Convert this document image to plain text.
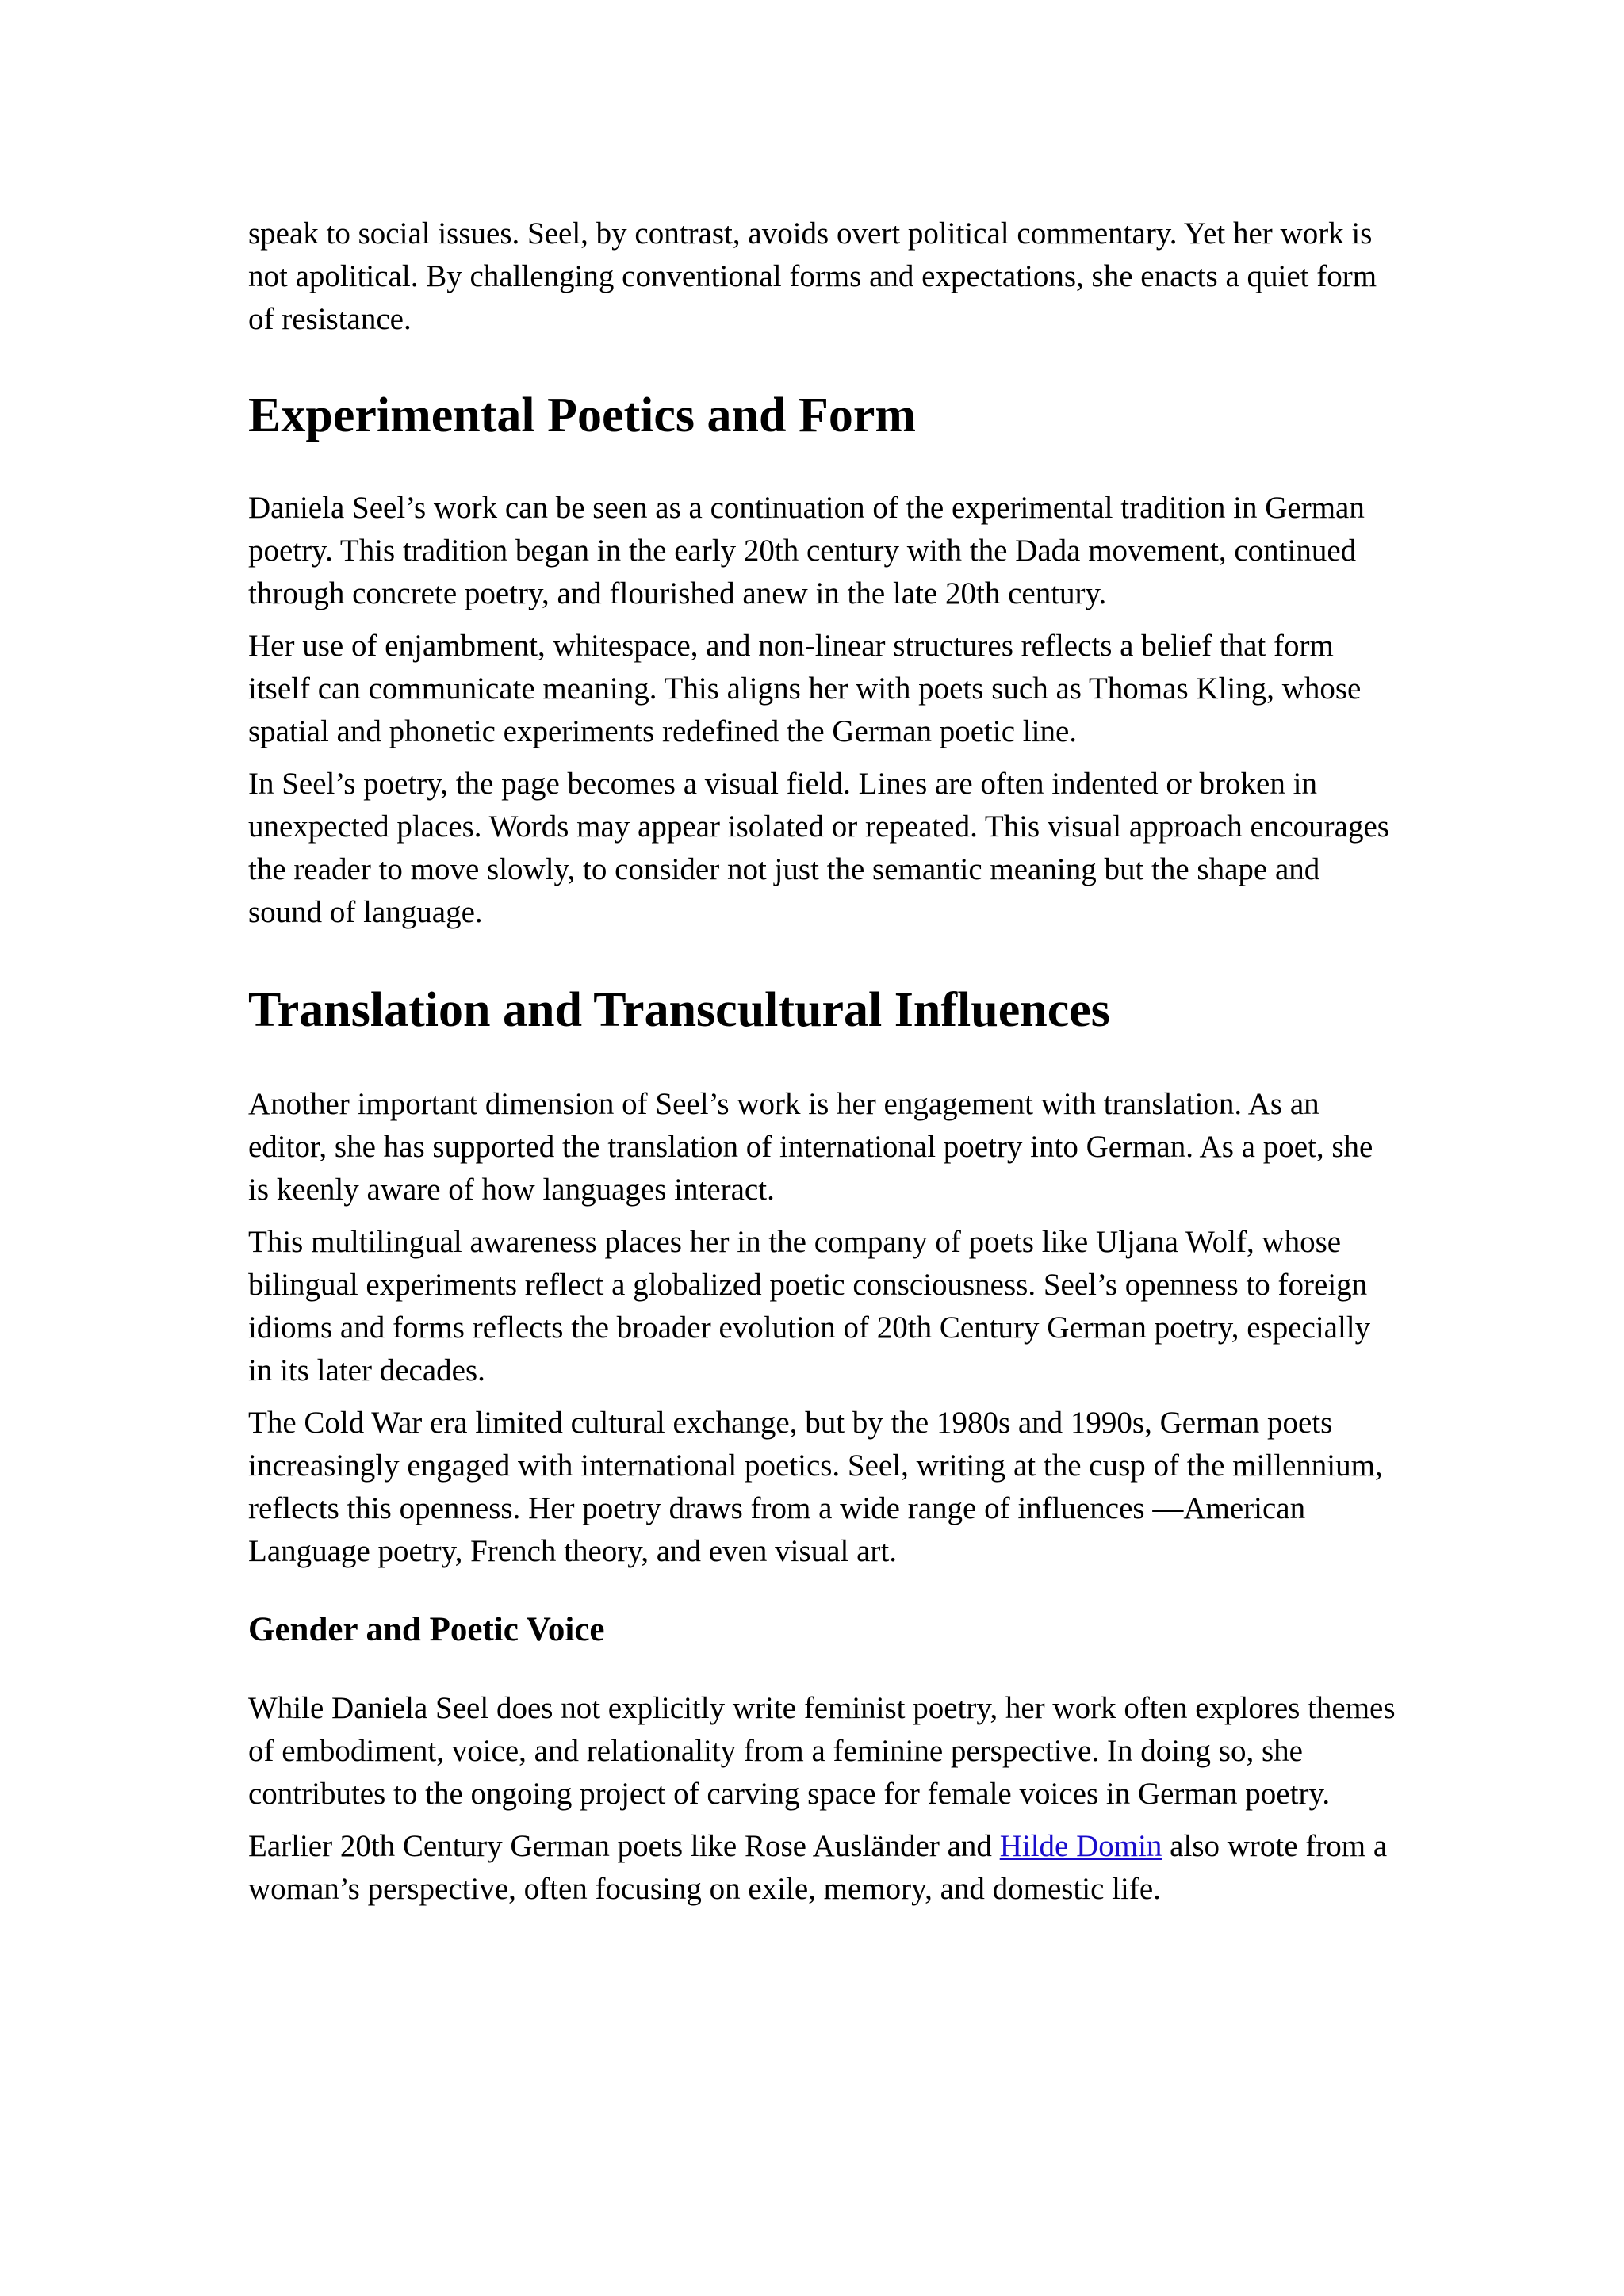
speak to social issues. Seel, by contrast, avoids overt political commentary. Yet her work is not apolitical. By challenging conventional forms and expectations, she enacts a quiet form of resistance.

Experimental Poetics and Form

Daniela Seel’s work can be seen as a continuation of the experimental tradition in German poetry. This tradition began in the early 20th century with the Dada movement, continued through concrete poetry, and flourished anew in the late 20th century.

Her use of enjambment, whitespace, and non-linear structures reflects a belief that form itself can communicate meaning. This aligns her with poets such as Thomas Kling, whose spatial and phonetic experiments redefined the German poetic line.

In Seel’s poetry, the page becomes a visual field. Lines are often indented or broken in unexpected places. Words may appear isolated or repeated. This visual approach encourages the reader to move slowly, to consider not just the semantic meaning but the shape and sound of language.

Translation and Transcultural Influences

Another important dimension of Seel’s work is her engagement with translation. As an editor, she has supported the translation of international poetry into German. As a poet, she is keenly aware of how languages interact.

This multilingual awareness places her in the company of poets like Uljana Wolf, whose bilingual experiments reflect a globalized poetic consciousness. Seel’s openness to foreign idioms and forms reflects the broader evolution of 20th Century German poetry, especially in its later decades.

The Cold War era limited cultural exchange, but by the 1980s and 1990s, German poets increasingly engaged with international poetics. Seel, writing at the cusp of the millennium, reflects this openness. Her poetry draws from a wide range of influences —American Language poetry, French theory, and even visual art.

Gender and Poetic Voice

While Daniela Seel does not explicitly write feminist poetry, her work often explores themes of embodiment, voice, and relationality from a feminine perspective. In doing so, she contributes to the ongoing project of carving space for female voices in German poetry.

Earlier 20th Century German poets like Rose Ausländer and Hilde Domin also wrote from a woman’s perspective, often focusing on exile, memory, and domestic life.
